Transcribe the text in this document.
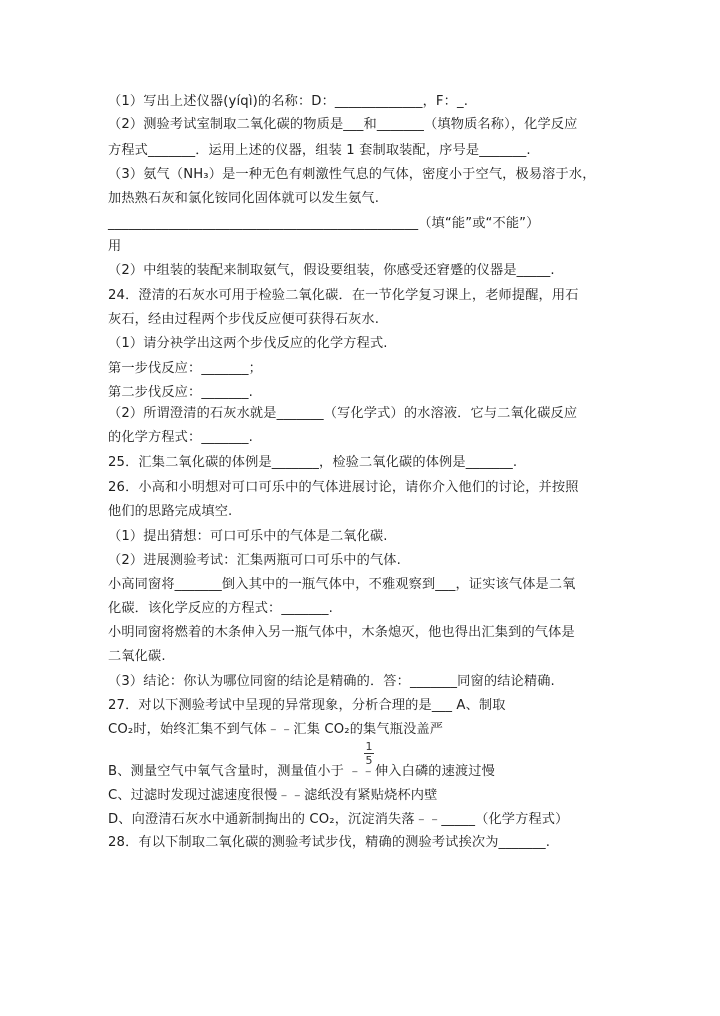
（1）写出上述仪器(yíqì)的名称：D：_____________，F：_.
（2）测验考试室制取二氧化碳的物质是___和_______（填物质名称），化学反应
方程式_______．运用上述的仪器，组装 1 套制取装配，序号是_______.
（3）氨气（NH₃）是一种无色有刺激性气息的气体，密度小于空气，极易溶于水，
加热熟石灰和氯化铵同化固体就可以发生氨气.
______________________________________________（填“能”或“不能”）
用
（2）中组装的装配来制取氨气，假设要组装，你感受还窘蹙的仪器是_____.
24．澄清的石灰水可用于检验二氧化碳．在一节化学复习课上，老师提醒，用石
灰石，经由过程两个步伐反应便可获得石灰水.
（1）请分袂学出这两个步伐反应的化学方程式.
第一步伐反应：_______；
第二步伐反应：_______.
（2）所谓澄清的石灰水就是_______（写化学式）的水溶液．它与二氧化碳反应
的化学方程式：_______.
25．汇集二氧化碳的体例是_______，检验二氧化碳的体例是_______.
26．小高和小明想对可口可乐中的气体进展讨论，请你介入他们的讨论，并按照
他们的思路完成填空.
（1）提出猜想：可口可乐中的气体是二氧化碳.
（2）进展测验考试：汇集两瓶可口可乐中的气体.
小高同窗将_______倒入其中的一瓶气体中，不雅观察到___，证实该气体是二氧
化碳．该化学反应的方程式：_______.
小明同窗将燃着的木条伸入另一瓶气体中，木条熄灭，他也得出汇集到的气体是
二氧化碳.
（3）结论：你认为哪位同窗的结论是精确的．答：_______同窗的结论精确.
27．对以下测验考试中呈现的异常现象，分析合理的是___ A、制取
CO₂时，始终汇集不到气体﹣﹣汇集 CO₂的集气瓶没盖严
B、测量空气中氧气含量时，测量值小于 ﹣﹣伸入白磷的速渡过慢
C、过滤时发现过滤速度很慢﹣﹣滤纸没有紧贴烧杯内壁
D、向澄清石灰水中通新制掏出的 CO₂，沉淀消失落﹣﹣_____（化学方程式）
28．有以下制取二氧化碳的测验考试步伐，精确的测验考试挨次为_______.
1
5
